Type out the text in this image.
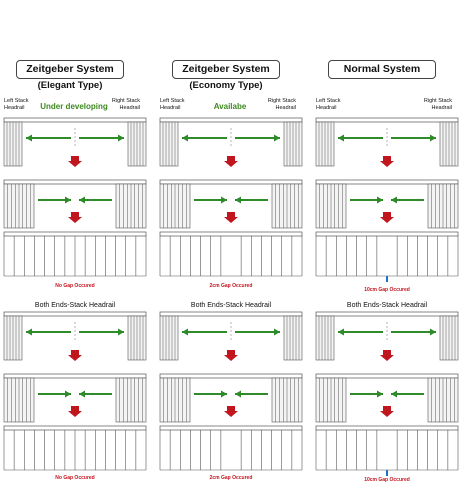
Zeitgeber System
(Elegant Type)
Left Stack
Headrail
Right Stack
Headrail
Under developing
Both Ends-Stack Headrail
No Gap Occured
No Gap Occured
Zeitgeber System
(Economy Type)
Left Stack
Headrail
Right Stack
Headrail
Availabe
Both Ends-Stack Headrail
2cm Gap Occured
2cm Gap Occured
Normal System
Left Stack
Headrail
Right Stack
Headrail
Both Ends-Stack Headrail
10cm Gap Occured
10cm Gap Occured
